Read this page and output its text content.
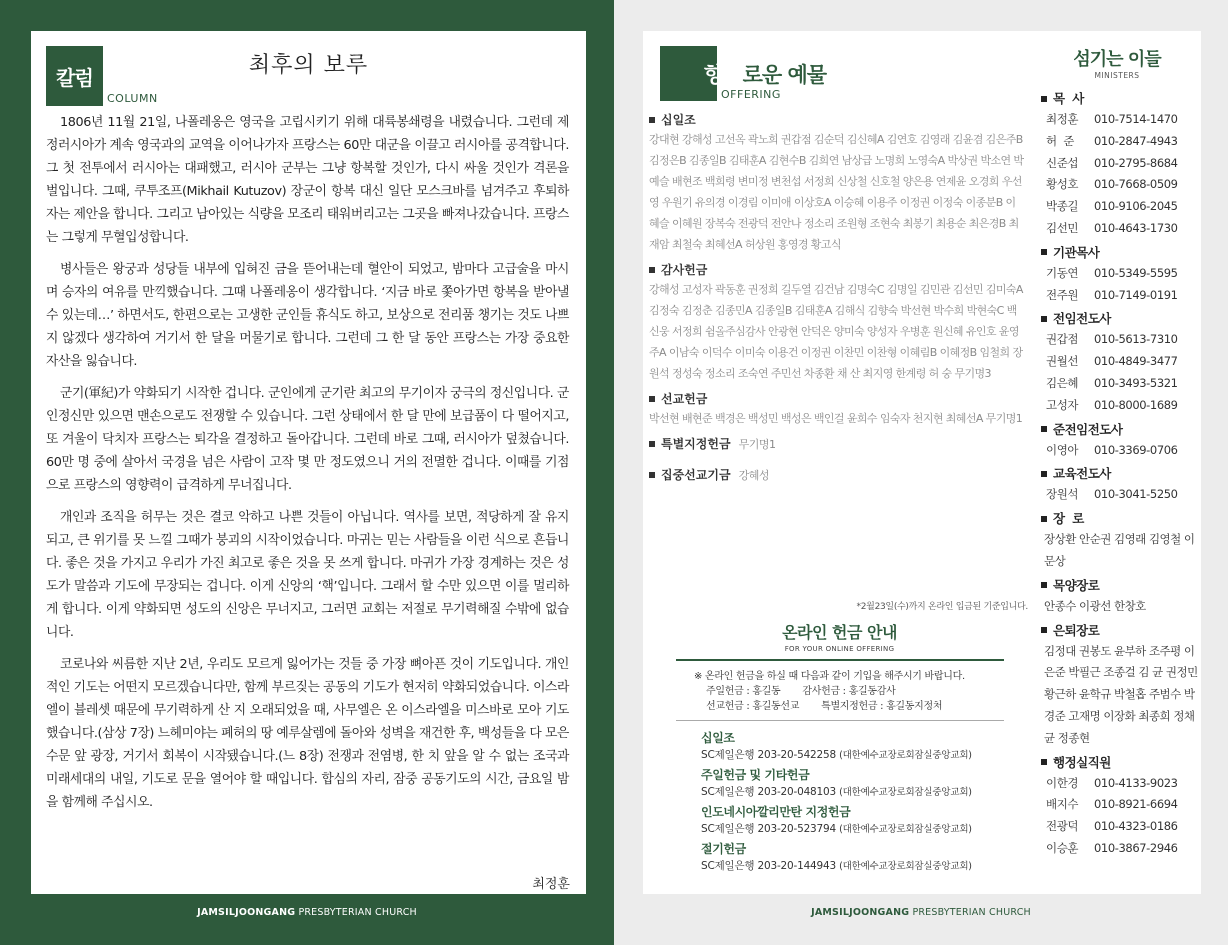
칼럼
COLUMN
최후의 보루

1806년 11월 21일, 나폴레옹은 영국을 고립시키기 위해 대륙봉쇄령을 내렸습니다. 그런데 제정러시아가 계속 영국과의 교역을 이어나가자 프랑스는 60만 대군을 이끌고 러시아를 공격합니다. 그 첫 전투에서 러시아는 대패했고, 러시아 군부는 그냥 항복할 것인가, 다시 싸울 것인가 격론을 벌입니다. 그때, 쿠투조프(Mikhail Kutuzov) 장군이 항복 대신 일단 모스크바를 넘겨주고 후퇴하자는 제안을 합니다. 그리고 남아있는 식량을 모조리 태워버리고는 그곳을 빠져나갔습니다. 프랑스는 그렇게 무혈입성합니다.

병사들은 왕궁과 성당들 내부에 입혀진 금을 뜯어내는데 혈안이 되었고, 밤마다 고급술을 마시며 승자의 여유를 만끽했습니다. 그때 나폴레옹이 생각합니다. ‘지금 바로 쫓아가면 항복을 받아낼 수 있는데…’ 하면서도, 한편으로는 고생한 군인들 휴식도 하고, 보상으로 전리품 챙기는 것도 나쁘지 않겠다 생각하여 거기서 한 달을 머물기로 합니다. 그런데 그 한 달 동안 프랑스는 가장 중요한 자산을 잃습니다.

군기(軍紀)가 약화되기 시작한 겁니다. 군인에게 군기란 최고의 무기이자 궁극의 정신입니다. 군인정신만 있으면 맨손으로도 전쟁할 수 있습니다. 그런 상태에서 한 달 만에 보급품이 다 떨어지고, 또 겨울이 닥치자 프랑스는 퇴각을 결정하고 돌아갑니다. 그런데 바로 그때, 러시아가 덮쳤습니다. 60만 명 중에 살아서 국경을 넘은 사람이 고작 몇 만 정도였으니 거의 전멸한 겁니다. 이때를 기점으로 프랑스의 영향력이 급격하게 무너집니다.

개인과 조직을 허무는 것은 결코 악하고 나쁜 것들이 아닙니다. 역사를 보면, 적당하게 잘 유지되고, 큰 위기를 못 느낄 그때가 붕괴의 시작이었습니다. 마귀는 믿는 사람들을 이런 식으로 흔듭니다. 좋은 것을 가지고 우리가 가진 최고로 좋은 것을 못 쓰게 합니다. 마귀가 가장 경계하는 것은 성도가 말씀과 기도에 무장되는 겁니다. 이게 신앙의 ‘핵’입니다. 그래서 할 수만 있으면 이를 멀리하게 합니다. 이게 약화되면 성도의 신앙은 무너지고, 그러면 교회는 저절로 무기력해질 수밖에 없습니다.

코로나와 씨름한 지난 2년, 우리도 모르게 잃어가는 것들 중 가장 뼈아픈 것이 기도입니다. 개인적인 기도는 어떤지 모르겠습니다만, 함께 부르짖는 공동의 기도가 현저히 약화되었습니다. 이스라엘이 블레셋 때문에 무기력하게 산 지 오래되었을 때, 사무엘은 온 이스라엘을 미스바로 모아 기도했습니다.(삼상 7장) 느헤미야는 폐허의 땅 예루살렘에 돌아와 성벽을 재건한 후, 백성들을 다 모은 수문 앞 광장, 거기서 회복이 시작됐습니다.(느 8장) 전쟁과 전염병, 한 치 앞을 알 수 없는 조국과 미래세대의 내일, 기도로 문을 열어야 할 때입니다. 합심의 자리, 잠중 공동기도의 시간, 금요일 밤을 함께해 주십시오.

최정훈
JAMSILJOONGANG PRESBYTERIAN CHURCH
향기로운 예물
OFFERING
십일조
강대현 강해성 고선옥 곽노희 권갑점 김순덕 김신혜A 김연호 김영래 김윤겸 김은주B 김정은B 김종일B 김태훈A 김현수B 김희연 남상급 노명희 노영숙A 박상권 박소연 박예슬 배현조 백희령 변미정 변천섭 서정희 신상철 신호철 양은용 연제윤 오경희 우선영 우원기 유의경 이경림 이미애 이상호A 이승혜 이용주 이정권 이정숙 이종분B 이혜슬 이혜원 장복숙 전광덕 전안나 정소리 조원형 조현숙 최봉기 최용순 최은경B 최재암 최철숙 최혜선A 허상원 홍영경 황고식
감사헌금
강해성 고성자 곽동훈 권정희 길두열 김건남 김명숙C 김명일 김민관 김선민 김미숙A 김정숙 김정춘 김종민A 김종일B 김태훈A 김해식 김향숙 박선현 박수희 박현숙C 백신웅 서정희 쉼올주심감사 안광현 안덕은 양미숙 양성자 우병훈 원신혜 유인호 윤영주A 이남숙 이덕수 이미숙 이용건 이정권 이찬민 이찬형 이혜림B 이혜정B 임철희 장원석 정성숙 정소리 조숙연 주민선 차종환 채 산 최지영 한계령 허 숭 무기명3
선교헌금
박선현 배현준 백경은 백성민 백성은 백인걸 윤희수 임숙자 천지현 최혜선A 무기명1
특별지정헌금 무기명1
집중선교기금 강혜성
*2월23일(수)까지 온라인 입금된 기준입니다.
온라인 헌금 안내
FOR YOUR ONLINE OFFERING
※ 온라인 헌금을 하실 때 다음과 같이 기입을 해주시기 바랍니다.
주일헌금 : 홍길동 감사헌금 : 홍길동감사
선교헌금 : 홍길동선교 특별지정헌금 : 홍길동지정처
십일조
SC제일은행 203-20-542258 (대한예수교장로회잠실중앙교회)
주일헌금 및 기타헌금
SC제일은행 203-20-048103 (대한예수교장로회잠실중앙교회)
인도네시아깔리만탄 지정헌금
SC제일은행 203-20-523794 (대한예수교장로회잠실중앙교회)
절기헌금
SC제일은행 203-20-144943 (대한예수교장로회잠실중앙교회)
섬기는 이들
MINISTERS
목  사
최정훈 010-7514-1470
허  준 010-2847-4943
신준섭 010-2795-8684
황성호 010-7668-0509
박종길 010-9106-2045
김선민 010-4643-1730
기관목사
기동연 010-5349-5595
전주원 010-7149-0191
전임전도사
권갑점 010-5613-7310
권월선 010-4849-3477
김은혜 010-3493-5321
고성자 010-8000-1689
준전임전도사
이영아 010-3369-0706
교육전도사
장원석 010-3041-5250
장  로
장상환 안순권 김영래 김영철 이문상
목양장로
안종수 이광선 한창호
은퇴장로
김정대 권봉도 윤부하 조주평 이은준 박필근 조종걸 김 균 권정민 황근하 윤학규 박철홉 주범수 박경준 고재명 이장화 최종희 정채균 정종현
행정실직원
이한경 010-4133-9023
배지수 010-8921-6694
전광덕 010-4323-0186
이승훈 010-3867-2946
JAMSILJOONGANG PRESBYTERIAN CHURCH
